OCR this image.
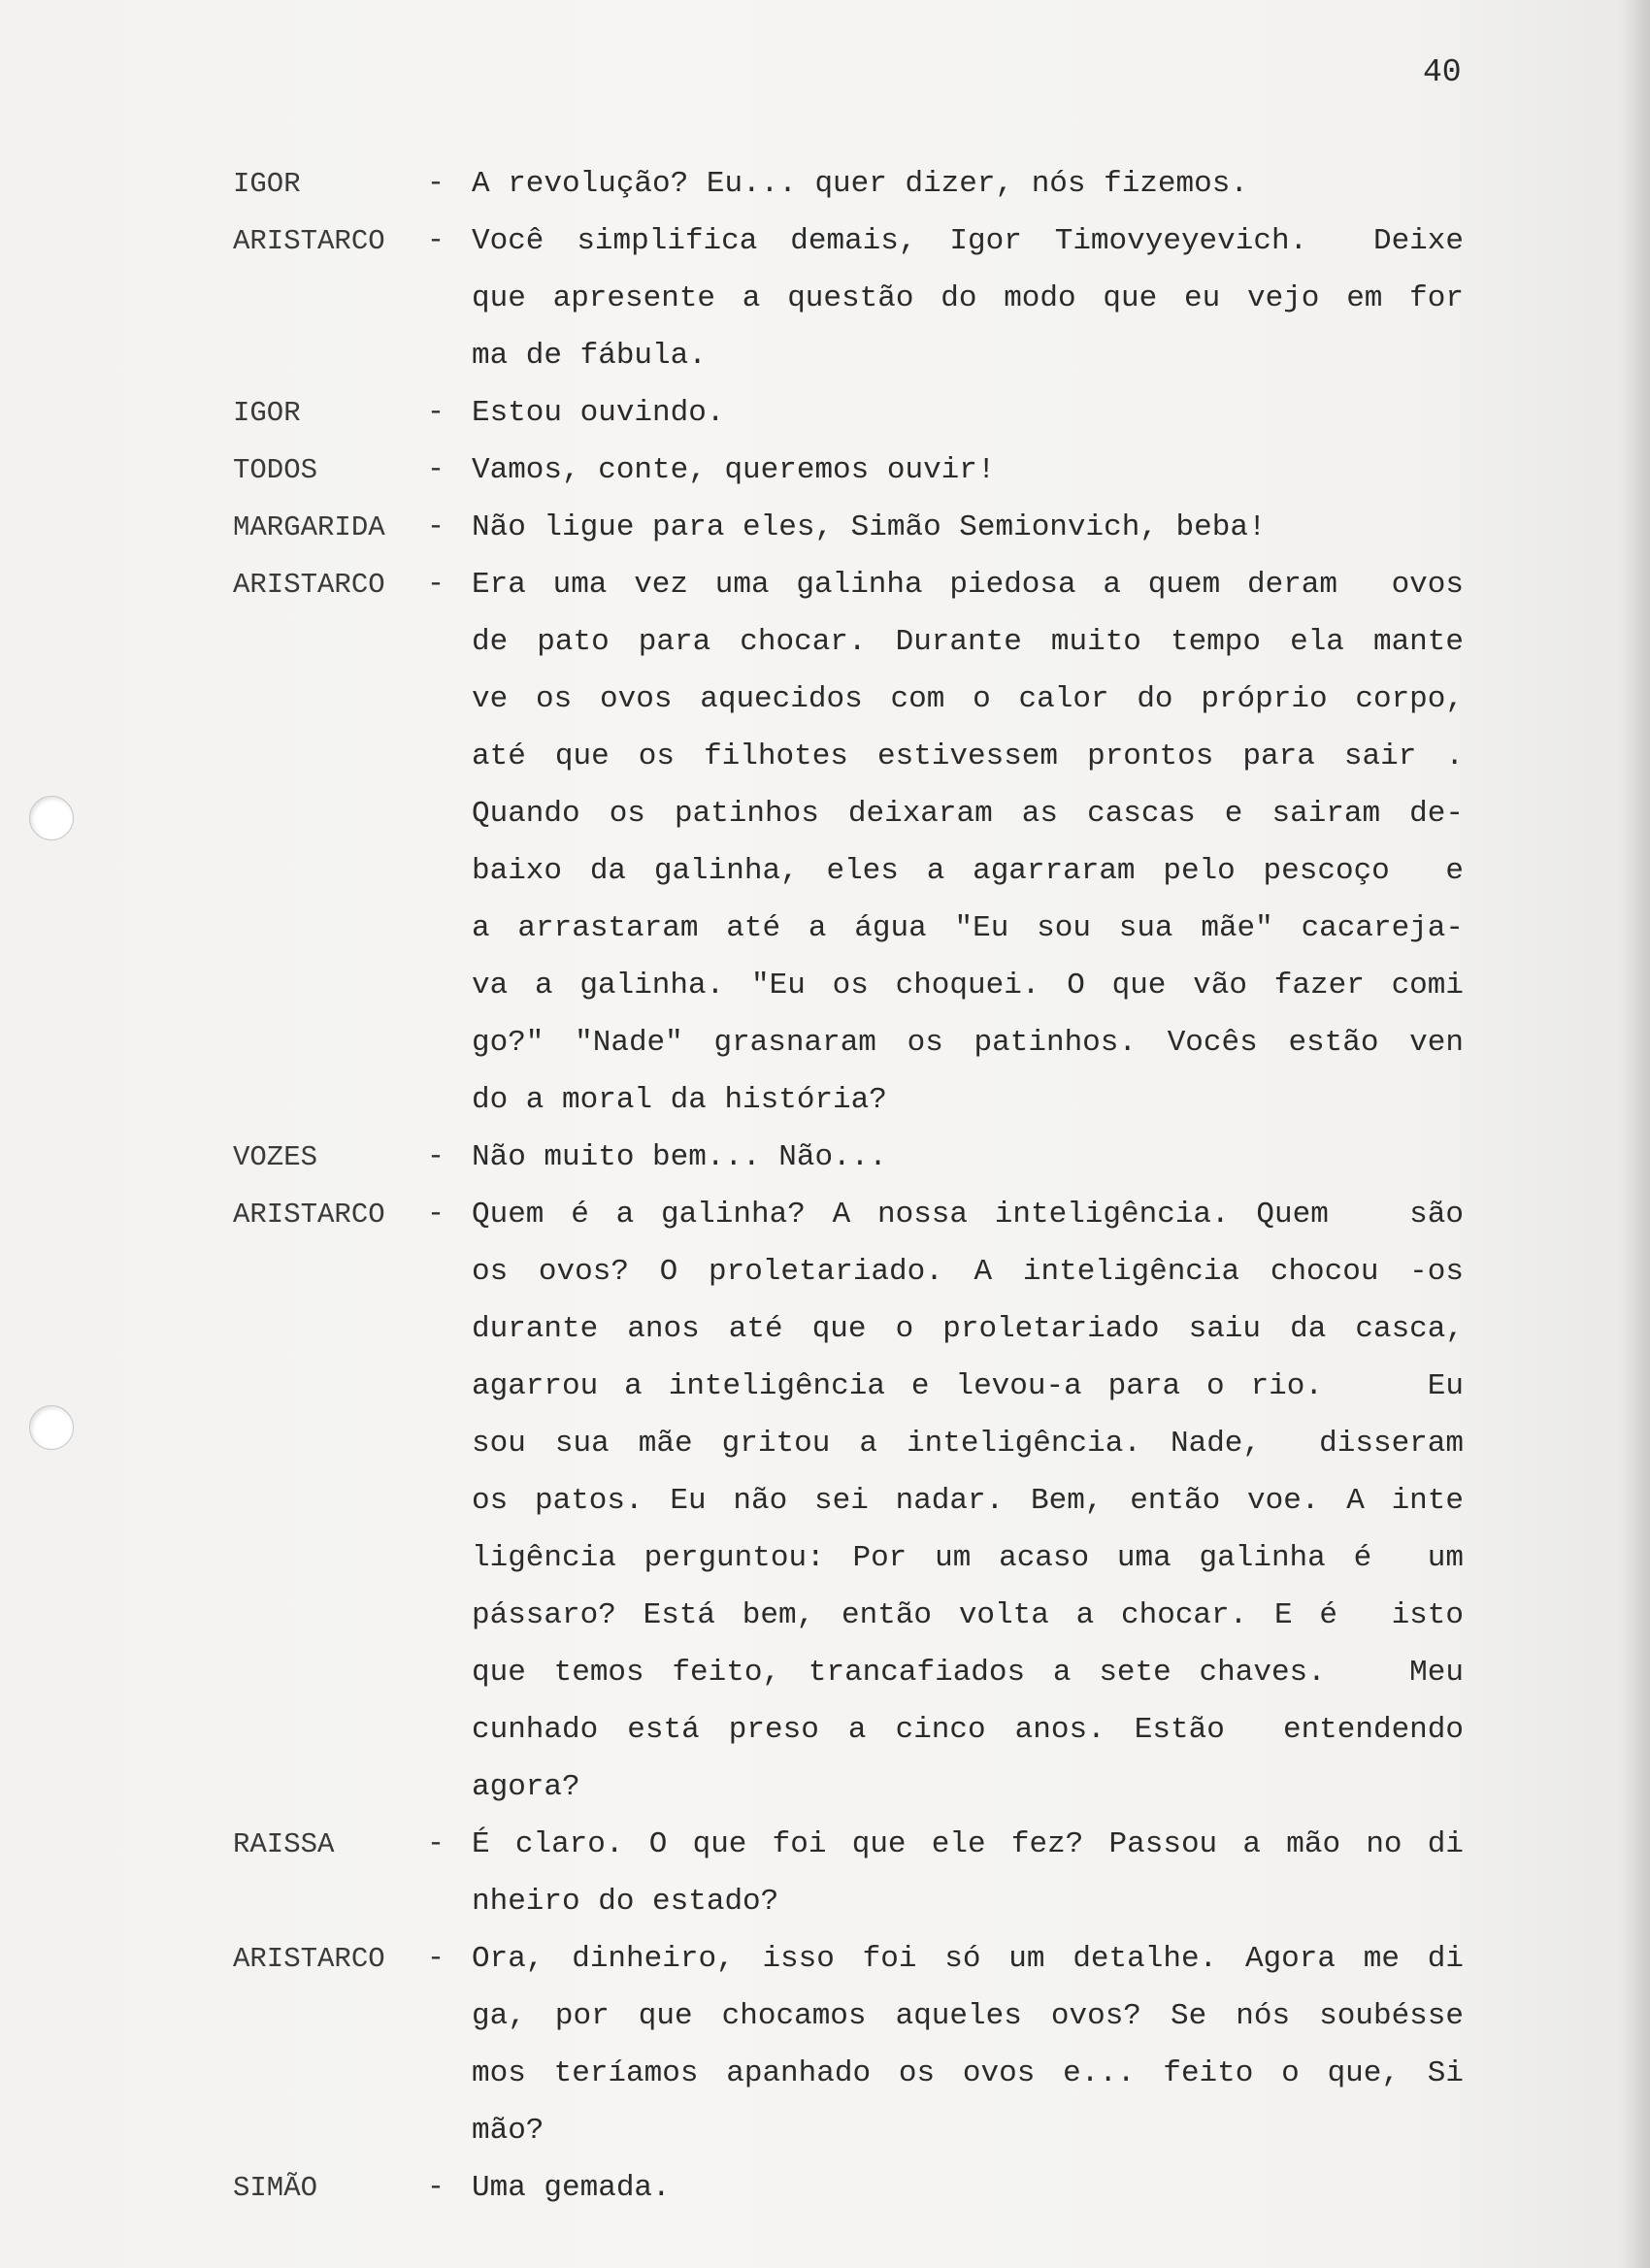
40
IGOR	- A revolução? Eu... quer dizer, nós fizemos.
ARISTARCO	- Você simplifica demais, Igor Timovyeyevich.  Deixe
que apresente a questão do modo que eu vejo em for
ma de fábula.
IGOR	- Estou ouvindo.
TODOS	- Vamos, conte, queremos ouvir!
MARGARIDA	- Não ligue para eles, Simão Semionvich, beba!
ARISTARCO	- Era uma vez uma galinha piedosa a quem deram  ovos
de pato para chocar. Durante muito tempo ela mante
ve os ovos aquecidos com o calor do próprio corpo,
até que os filhotes estivessem prontos para sair .
Quando os patinhos deixaram as cascas e sairam de-
baixo da galinha, eles a agarraram pelo pescoço  e
a arrastaram até a água "Eu sou sua mãe" cacareja-
va a galinha. "Eu os choquei. O que vão fazer comi
go?" "Nade" grasnaram os patinhos. Vocês estão ven
do a moral da história?
VOZES	- Não muito bem... Não...
ARISTARCO	- Quem é a galinha? A nossa inteligência. Quem   são
os ovos? O proletariado. A inteligência chocou -os
durante anos até que o proletariado saiu da casca,
agarrou a inteligência e levou-a para o rio.    Eu
sou sua mãe gritou a inteligência. Nade,  disseram
os patos. Eu não sei nadar. Bem, então voe. A inte
ligência perguntou: Por um acaso uma galinha é  um
pássaro? Está bem, então volta a chocar. E é  isto
que temos feito, trancafiados a sete chaves.   Meu
cunhado está preso a cinco anos. Estão  entendendo
agora?
RAISSA	- É claro. O que foi que ele fez? Passou a mão no di
nheiro do estado?
ARISTARCO	- Ora, dinheiro, isso foi só um detalhe. Agora me di
ga, por que chocamos aqueles ovos? Se nós soubésse
mos teríamos apanhado os ovos e... feito o que, Si
mão?
SIMÃO	- Uma gemada.
